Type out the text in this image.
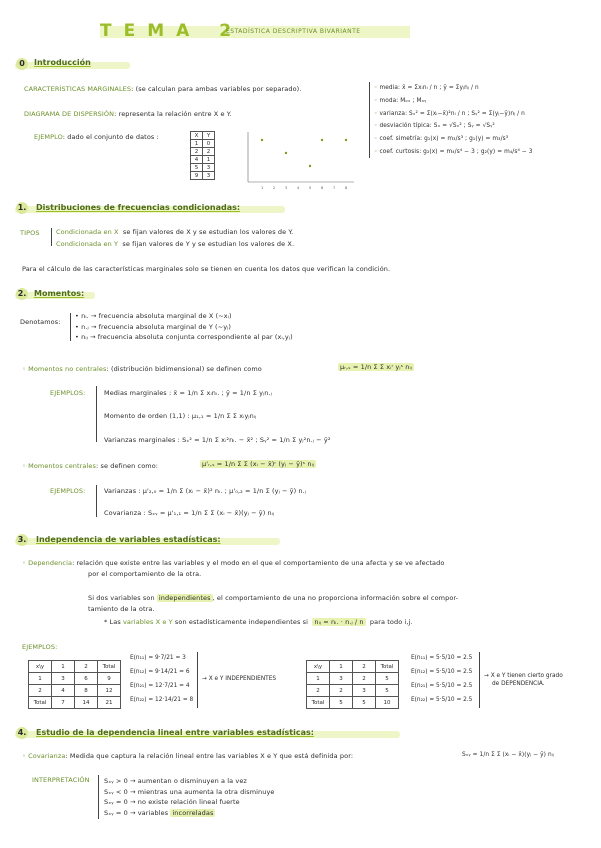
TEMA 2
ESTADÍSTICA DESCRIPTIVA BIVARIANTE
0	Introducción
CARACTERÍSTICAS MARGINALES: (se calculan para ambas variables por separado).
DIAGRAMA DE DISPERSIÓN: representa la relación entre X e Y.
EJEMPLO: dado el conjunto de datos :	X	Y
1	0
2	2
4	1
5	3
9	3
1	2	3	4	5	6	7	8
◦ media: x̄ = Σxᵢnᵢ / n ; ȳ = Σyⱼnⱼ / n
◦ moda: Mₒₓ ; Mₒᵧ
◦ varianza: Sₓ² = Σ(xᵢ−x̄)²nᵢ / n ; Sᵧ² = Σ(yⱼ−ȳ)nⱼ / n
◦ desviación típica: Sₓ = √Sₓ² ; Sᵧ = √Sᵧ²
◦ coef. simetría: g₁(x) = m₃/s³ ; g₁(y) = m₃/s³
◦ coef. curtosis: g₂(x) = m₄/s⁴ − 3 ; g₂(y) = m₄/s⁴ − 3
1. Distribuciones de frecuencias condicionadas:
TIPOS	Condicionada en X se fijan valores de X y se estudian los valores de Y.
Condicionada en Y se fijan valores de Y y se estudian los valores de X.
Para el cálculo de las características marginales solo se tienen en cuenta los datos que verifican la condición.
2. Momentos:
Denotamos:
• nᵢ. → frecuencia absoluta marginal de X (~xᵢ)
• n.ⱼ → frecuencia absoluta marginal de Y (~yⱼ)
• nᵢⱼ → frecuencia absoluta conjunta correspondiente al par (xᵢ,yⱼ)
◦ Momentos no centrales: (distribución bidimensional) se definen como	μᵣ,ₛ = 1/n Σ Σ xᵢʳ yⱼˢ nᵢⱼ
EJEMPLOS:	Medias marginales : x̄ = 1/n Σ xᵢnᵢ. ; ȳ = 1/n Σ yⱼn.ⱼ
Momento de orden (1,1) : μ₁,₁ = 1/n Σ Σ xᵢyⱼnᵢⱼ
Varianzas marginales : Sₓ² = 1/n Σ xᵢ²nᵢ. − x̄² ; Sᵧ² = 1/n Σ yⱼ²n.ⱼ − ȳ²
◦ Momentos centrales: se definen como:	μ'ᵣ,ₛ = 1/n Σ Σ (xᵢ − x̄)ʳ (yⱼ − ȳ)ˢ nᵢⱼ
EJEMPLOS:	Varianzas : μ'₂,₀ = 1/n Σ (xᵢ − x̄)² nᵢ. ; μ'₀,₂ = 1/n Σ (yⱼ − ȳ) n.ⱼ
Covarianza : Sₓᵧ = μ'₁,₁ = 1/n Σ Σ (xᵢ − x̄)(yⱼ − ȳ) nᵢⱼ
3. Independencia de variables estadísticas:
◦ Dependencia: relación que existe entre las variables y el modo en el que el comportamiento de una afecta y se ve afectado
por el comportamiento de la otra.
Si dos variables son independientes , el comportamiento de una no proporciona información sobre el compor-
tamiento de la otra.
* Las variables X e Y son estadísticamente independientes si nᵢⱼ = nᵢ. · n.ⱼ / n para todo i,j.
EJEMPLOS:
x\y	1	2	Total
1	3	6	9
2	4	8	12
Total	7	14	21
E(n₁₁) = 9·7/21 = 3
E(n₁₂) = 9·14/21 = 6
E(n₂₁) = 12·7/21 = 4
E(n₂₂) = 12·14/21 = 8
→ X e Y INDEPENDIENTES
x\y	1	2	Total
1	3	2	5
2	2	3	5
Total	5	5	10
E(n₁₁) = 5·5/10 = 2.5
E(n₁₂) = 5·5/10 = 2.5
E(n₂₁) = 5·5/10 = 2.5
E(n₂₂) = 5·5/10 = 2.5
→ X e Y tienen cierto grado
de DEPENDENCIA.
4. Estudio de la dependencia lineal entre variables estadísticas:
◦ Covarianza: Medida que captura la relación lineal entre las variables X e Y que está definida por:	Sₓᵧ = 1/n Σ Σ (xᵢ − x̄)(yⱼ − ȳ) nᵢⱼ
INTERPRETACIÓN Sₓᵧ > 0 → aumentan o disminuyen a la vez
Sₓᵧ < 0 → mientras una aumenta la otra disminuye
Sₓᵧ ≈ 0 → no existe relación lineal fuerte
Sₓᵧ = 0 → variables incorreladas
